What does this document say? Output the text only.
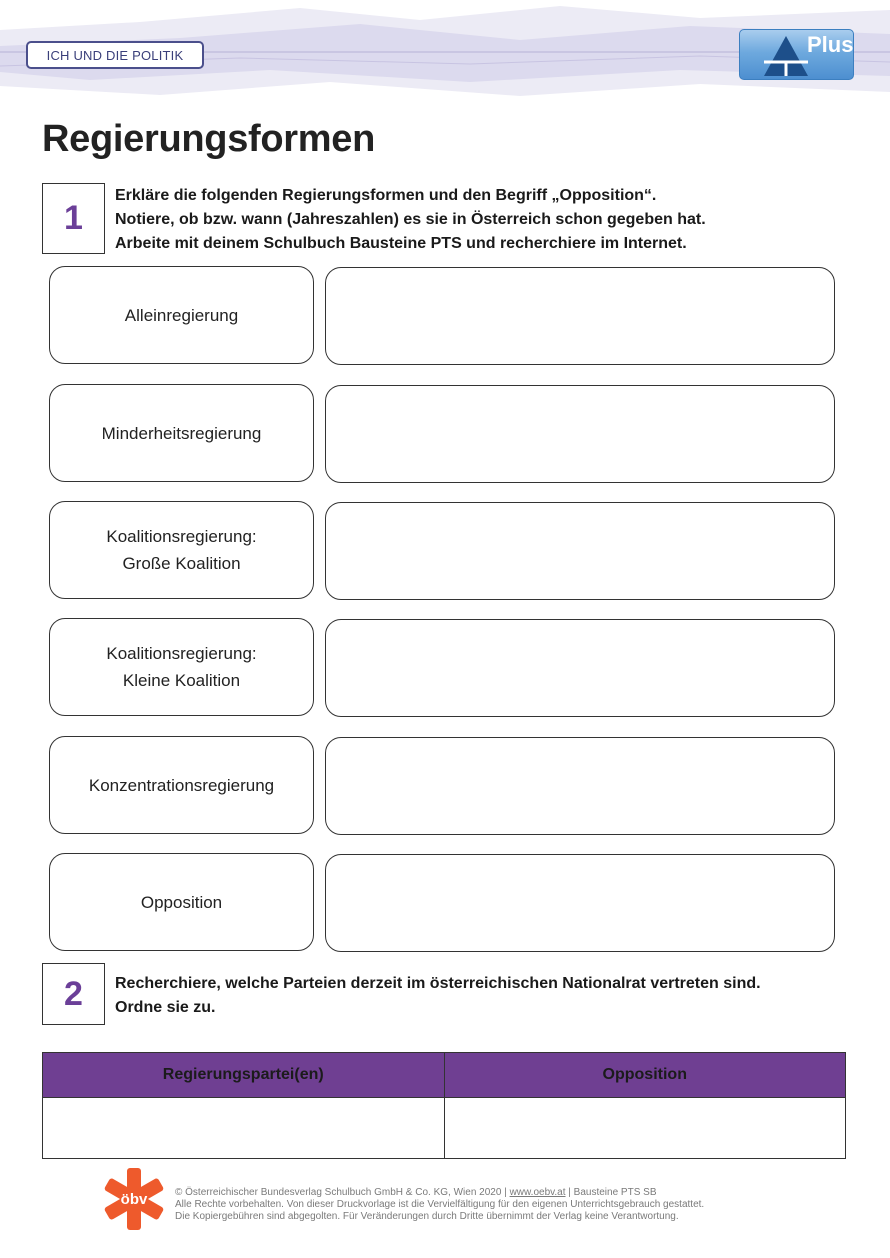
ICH UND DIE POLITIK	Plus
Regierungsformen
1
Erkläre die folgenden Regierungsformen und den Begriff „Opposition“.
Notiere, ob bzw. wann (Jahreszahlen) es sie in Österreich schon gegeben hat.
Arbeite mit deinem Schulbuch Bausteine PTS und recherchiere im Internet.
Alleinregierung
Minderheitsregierung
Koalitionsregierung:
Große Koalition
Koalitionsregierung:
Kleine Koalition
Konzentrationsregierung
Opposition
2	Recherchiere, welche Parteien derzeit im österreichischen Nationalrat vertreten sind.
Ordne sie zu.
Regierungspartei(en)	Opposition

öbv	© Österreichischer Bundesverlag Schulbuch GmbH & Co. KG, Wien 2020 | www.oebv.at | Bausteine PTS SB
Alle Rechte vorbehalten. Von dieser Druckvorlage ist die Vervielfältigung für den eigenen Unterrichtsgebrauch gestattet.
Die Kopiergebühren sind abgegolten. Für Veränderungen durch Dritte übernimmt der Verlag keine Verantwortung.
